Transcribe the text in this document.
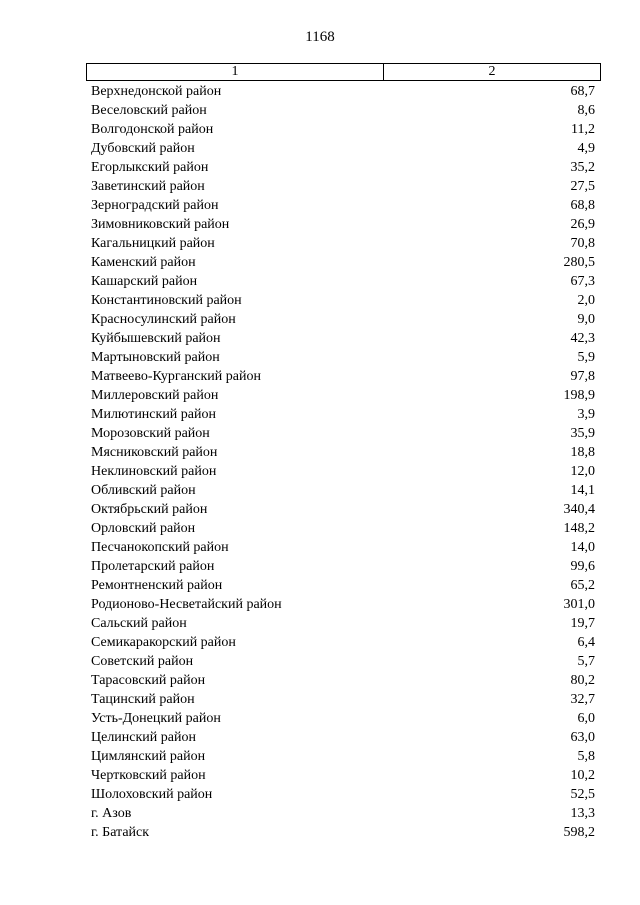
1168
1	2
Верхнедонской район	68,7
Веселовский район	8,6
Волгодонской район	11,2
Дубовский район	4,9
Егорлыкский район	35,2
Заветинский район	27,5
Зерноградский район	68,8
Зимовниковский район	26,9
Кагальницкий район	70,8
Каменский район	280,5
Кашарский район	67,3
Константиновский район	2,0
Красносулинский район	9,0
Куйбышевский район	42,3
Мартыновский район	5,9
Матвеево-Курганский район	97,8
Миллеровский район	198,9
Милютинский район	3,9
Морозовский район	35,9
Мясниковский район	18,8
Неклиновский район	12,0
Обливский район	14,1
Октябрьский район	340,4
Орловский район	148,2
Песчанокопский район	14,0
Пролетарский район	99,6
Ремонтненский район	65,2
Родионово-Несветайский район	301,0
Сальский район	19,7
Семикаракорский район	6,4
Советский район	5,7
Тарасовский район	80,2
Тацинский район	32,7
Усть-Донецкий район	6,0
Целинский район	63,0
Цимлянский район	5,8
Чертковский район	10,2
Шолоховский район	52,5
г. Азов	13,3
г. Батайск	598,2
